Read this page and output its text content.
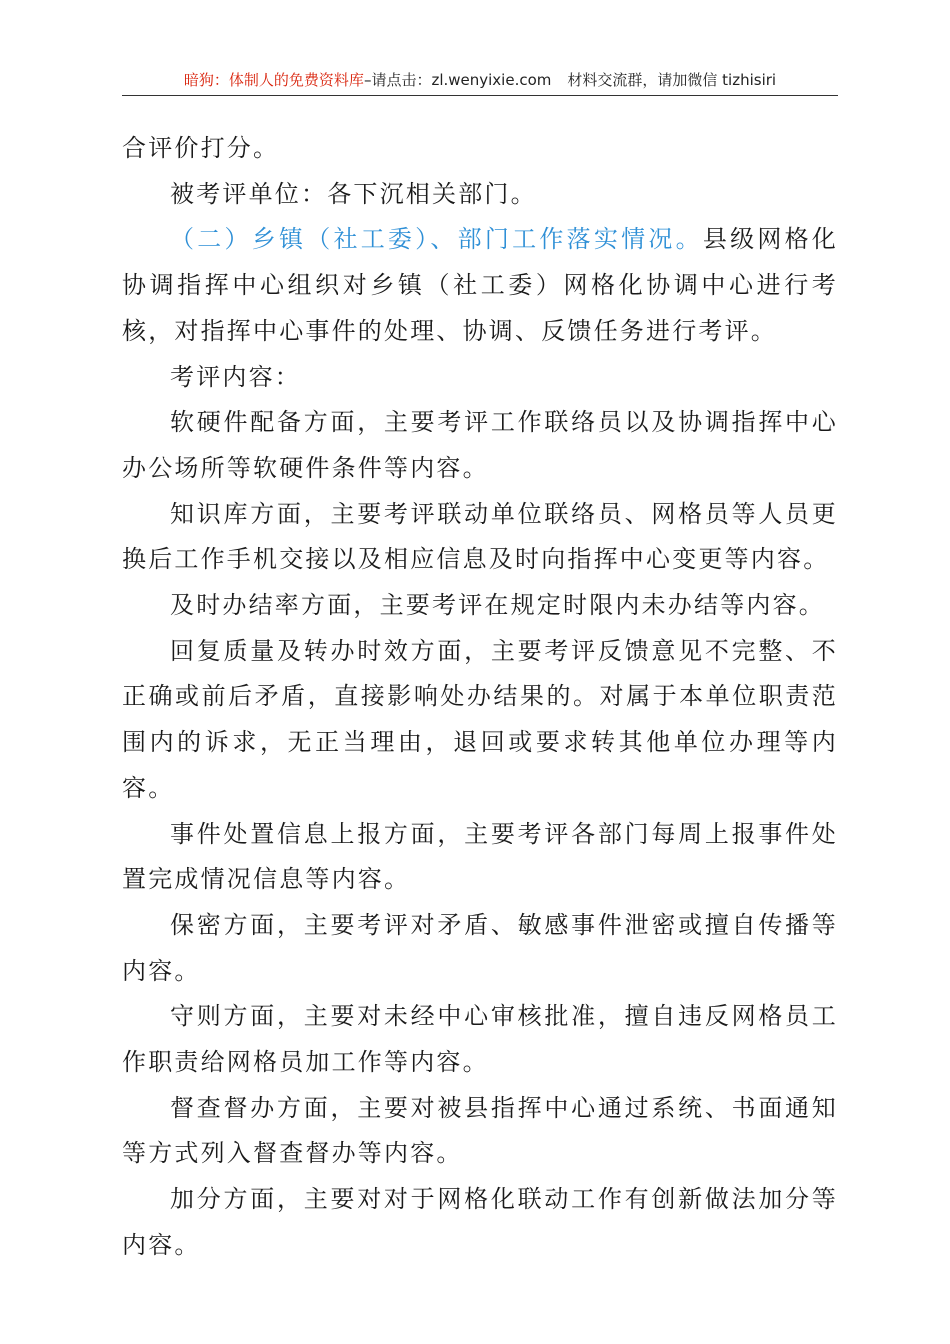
暗狗：体制人的免费资料库–请点击：zl.wenyixie.com 材料交流群，请加微信 tizhisiri

合评价打分。

被考评单位：各下沉相关部门。

（二）乡镇（社工委）、部门工作落实情况。县级网格化协调指挥中心组织对乡镇（社工委）网格化协调中心进行考核，对指挥中心事件的处理、协调、反馈任务进行考评。

考评内容：

软硬件配备方面，主要考评工作联络员以及协调指挥中心办公场所等软硬件条件等内容。

知识库方面，主要考评联动单位联络员、网格员等人员更换后工作手机交接以及相应信息及时向指挥中心变更等内容。

及时办结率方面，主要考评在规定时限内未办结等内容。

回复质量及转办时效方面，主要考评反馈意见不完整、不正确或前后矛盾，直接影响处办结果的。对属于本单位职责范围内的诉求，无正当理由，退回或要求转其他单位办理等内容。

事件处置信息上报方面，主要考评各部门每周上报事件处置完成情况信息等内容。

保密方面，主要考评对矛盾、敏感事件泄密或擅自传播等内容。

守则方面，主要对未经中心审核批准，擅自违反网格员工作职责给网格员加工作等内容。

督查督办方面，主要对被县指挥中心通过系统、书面通知等方式列入督查督办等内容。

加分方面，主要对对于网格化联动工作有创新做法加分等内容。
